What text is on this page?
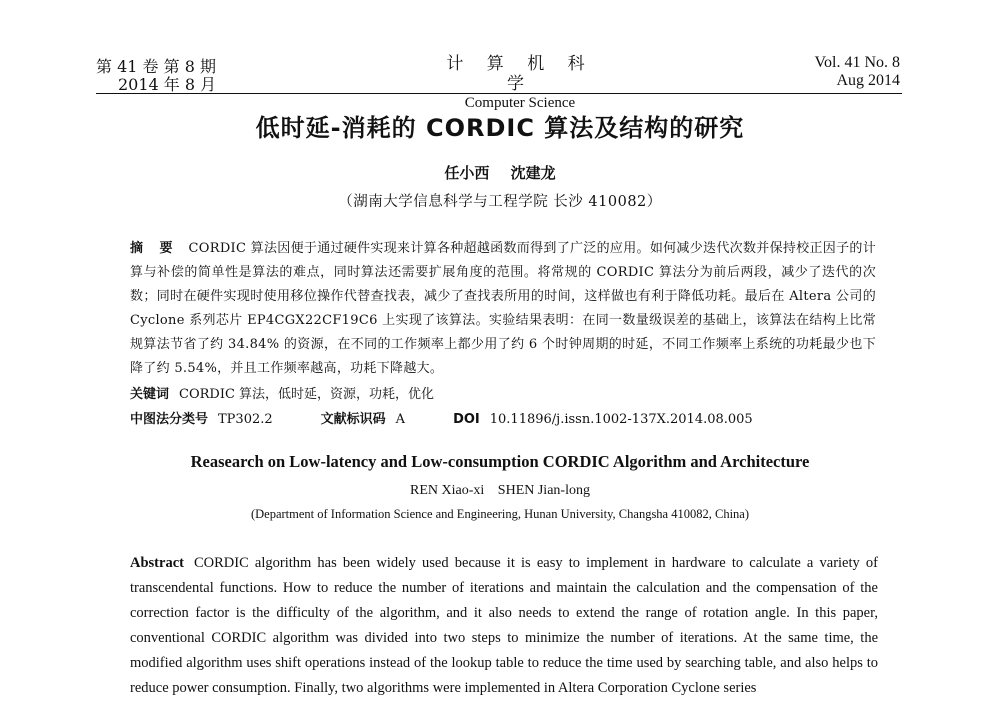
第 41 卷 第 8 期
2014 年 8 月
计 算 机 科 学
Computer Science
Vol. 41 No. 8
Aug 2014
低时延-消耗的 CORDIC 算法及结构的研究
任小西 沈建龙
（湖南大学信息科学与工程学院 长沙 410082）
摘 要 CORDIC 算法因便于通过硬件实现来计算各种超越函数而得到了广泛的应用。如何减少迭代次数并保持校正因子的计算与补偿的简单性是算法的难点，同时算法还需要扩展角度的范围。将常规的 CORDIC 算法分为前后两段，减少了迭代的次数；同时在硬件实现时使用移位操作代替查找表，减少了查找表所用的时间，这样做也有利于降低功耗。最后在 Altera 公司的 Cyclone 系列芯片 EP4CGX22CF19C6 上实现了该算法。实验结果表明：在同一数量级误差的基础上，该算法在结构上比常规算法节省了约 34.84% 的资源，在不同的工作频率上都少用了约 6 个时钟周期的时延，不同工作频率上系统的功耗最少也下降了约 5.54%，并且工作频率越高，功耗下降越大。
关键词 CORDIC 算法，低时延，资源，功耗，优化
中图法分类号 TP302.2	文献标识码 A	DOI 10.11896/j.issn.1002-137X.2014.08.005
Reasearch on Low-latency and Low-consumption CORDIC Algorithm and Architecture
REN Xiao-xi SHEN Jian-long
(Department of Information Science and Engineering, Hunan University, Changsha 410082, China)
Abstract CORDIC algorithm has been widely used because it is easy to implement in hardware to calculate a variety of transcendental functions. How to reduce the number of iterations and maintain the calculation and the compensation of the correction factor is the difficulty of the algorithm, and it also needs to extend the range of rotation angle. In this paper, conventional CORDIC algorithm was divided into two steps to minimize the number of iterations. At the same time, the modified algorithm uses shift operations instead of the lookup table to reduce the time used by searching table, and also helps to reduce power consumption. Finally, two algorithms were implemented in Altera Corporation Cyclone series
